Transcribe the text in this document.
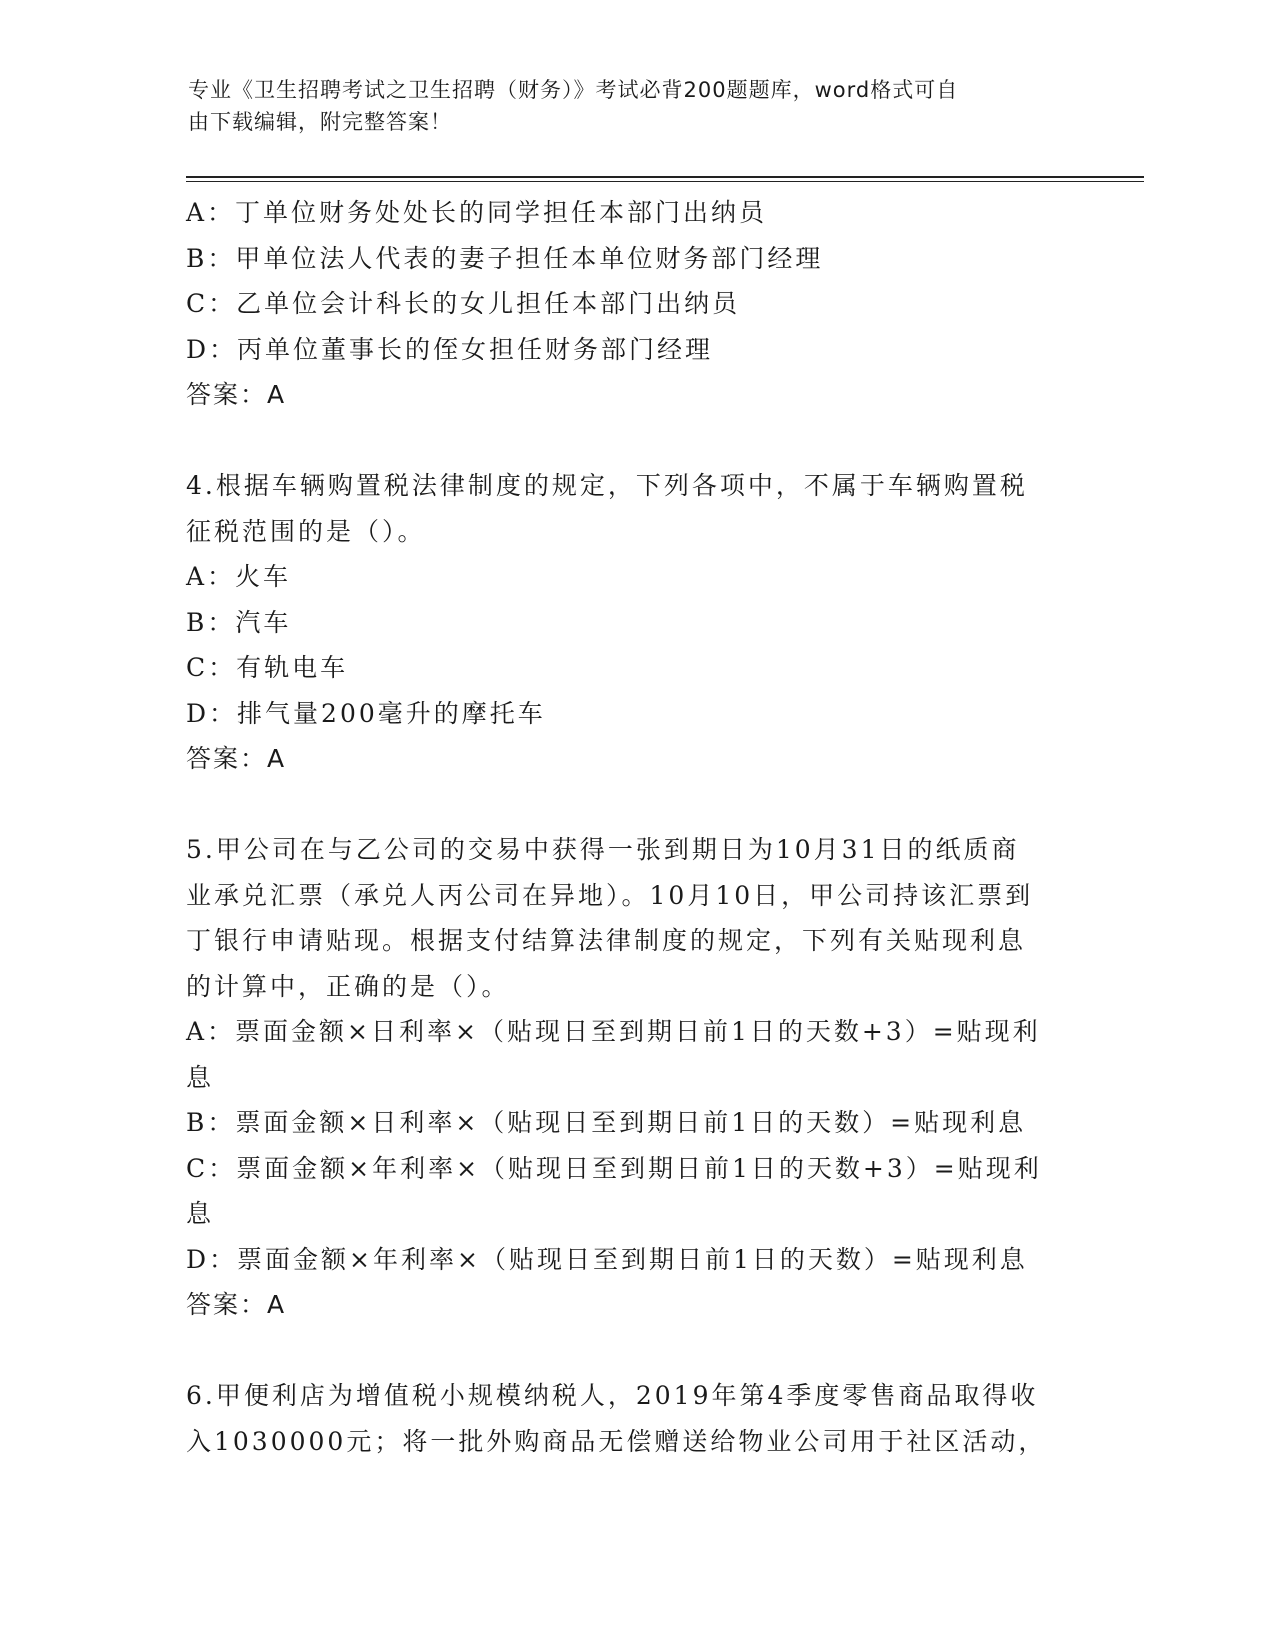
专业《卫生招聘考试之卫生招聘（财务）》考试必背200题题库，word格式可自
由下载编辑，附完整答案！
A：丁单位财务处处长的同学担任本部门出纳员
B：甲单位法人代表的妻子担任本单位财务部门经理
C：乙单位会计科长的女儿担任本部门出纳员
D：丙单位董事长的侄女担任财务部门经理
答案：A
4.根据车辆购置税法律制度的规定，下列各项中，不属于车辆购置税
征税范围的是（）。
A：火车
B：汽车
C：有轨电车
D：排气量200毫升的摩托车
答案：A
5.甲公司在与乙公司的交易中获得一张到期日为10月31日的纸质商
业承兑汇票（承兑人丙公司在异地）。10月10日，甲公司持该汇票到
丁银行申请贴现。根据支付结算法律制度的规定，下列有关贴现利息
的计算中，正确的是（）。
A：票面金额×日利率×（贴现日至到期日前1日的天数+3）=贴现利
息
B：票面金额×日利率×（贴现日至到期日前1日的天数）=贴现利息
C：票面金额×年利率×（贴现日至到期日前1日的天数+3）=贴现利
息
D：票面金额×年利率×（贴现日至到期日前1日的天数）=贴现利息
答案：A
6.甲便利店为增值税小规模纳税人，2019年第4季度零售商品取得收
入1030000元；将一批外购商品无偿赠送给物业公司用于社区活动，
